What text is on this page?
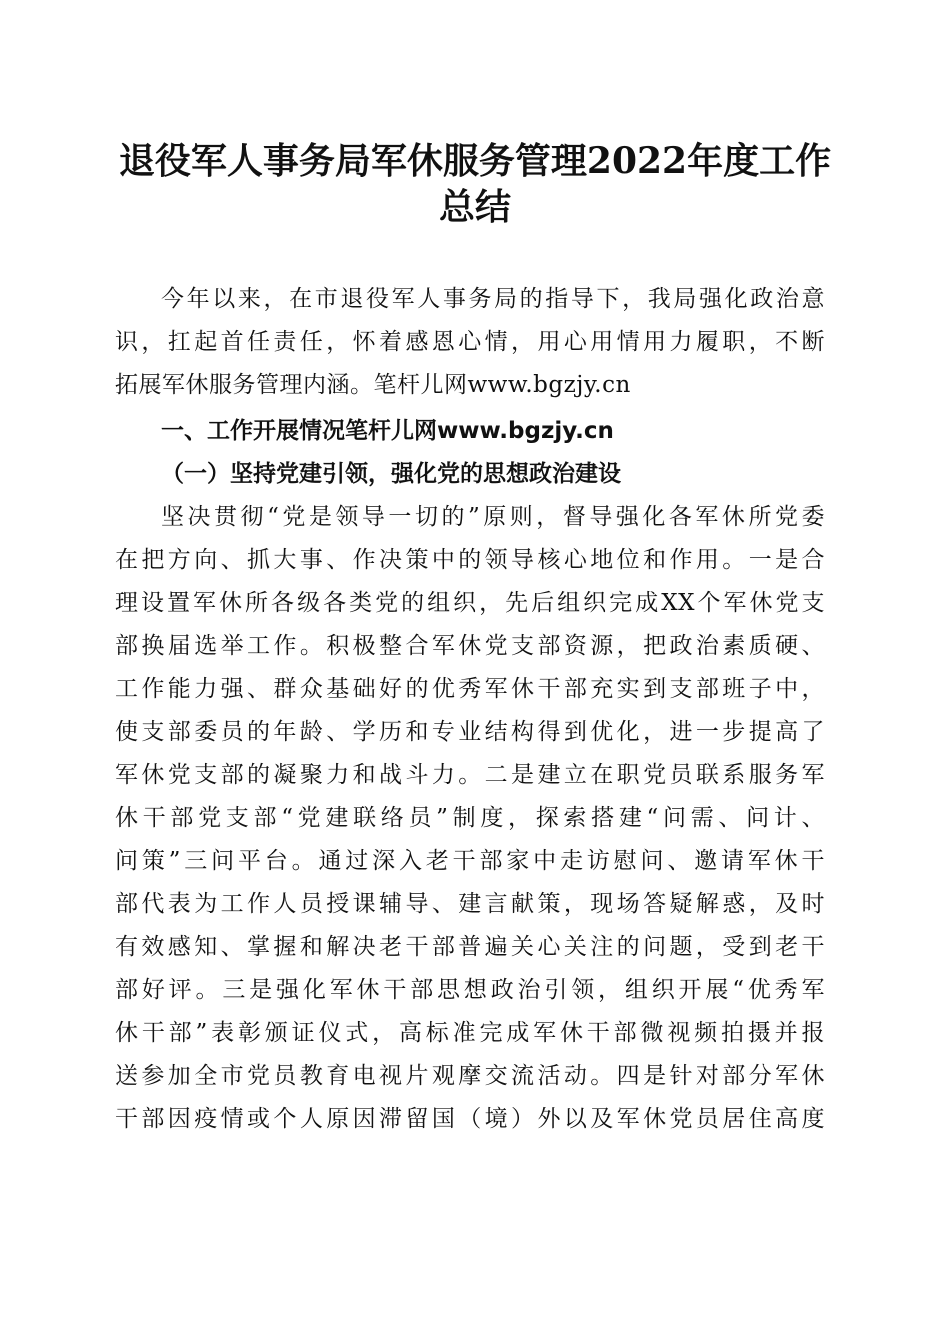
退役军人事务局军休服务管理2022年度工作
总结
今年以来，在市退役军人事务局的指导下，我局强化政治意
识，扛起首任责任，怀着感恩心情，用心用情用力履职，不断
拓展军休服务管理内涵。笔杆儿网www.bgzjy.cn
一、工作开展情况笔杆儿网www.bgzjy.cn
（一）坚持党建引领，强化党的思想政治建设
坚决贯彻“党是领导一切的”原则，督导强化各军休所党委
在把方向、抓大事、作决策中的领导核心地位和作用。一是合
理设置军休所各级各类党的组织，先后组织完成XX个军休党支
部换届选举工作。积极整合军休党支部资源，把政治素质硬、
工作能力强、群众基础好的优秀军休干部充实到支部班子中，
使支部委员的年龄、学历和专业结构得到优化，进一步提高了
军休党支部的凝聚力和战斗力。二是建立在职党员联系服务军
休干部党支部“党建联络员”制度，探索搭建“问需、问计、
问策”三问平台。通过深入老干部家中走访慰问、邀请军休干
部代表为工作人员授课辅导、建言献策，现场答疑解惑，及时
有效感知、掌握和解决老干部普遍关心关注的问题，受到老干
部好评。三是强化军休干部思想政治引领，组织开展“优秀军
休干部”表彰颁证仪式，高标准完成军休干部微视频拍摄并报
送参加全市党员教育电视片观摩交流活动。四是针对部分军休
干部因疫情或个人原因滞留国（境）外以及军休党员居住高度
